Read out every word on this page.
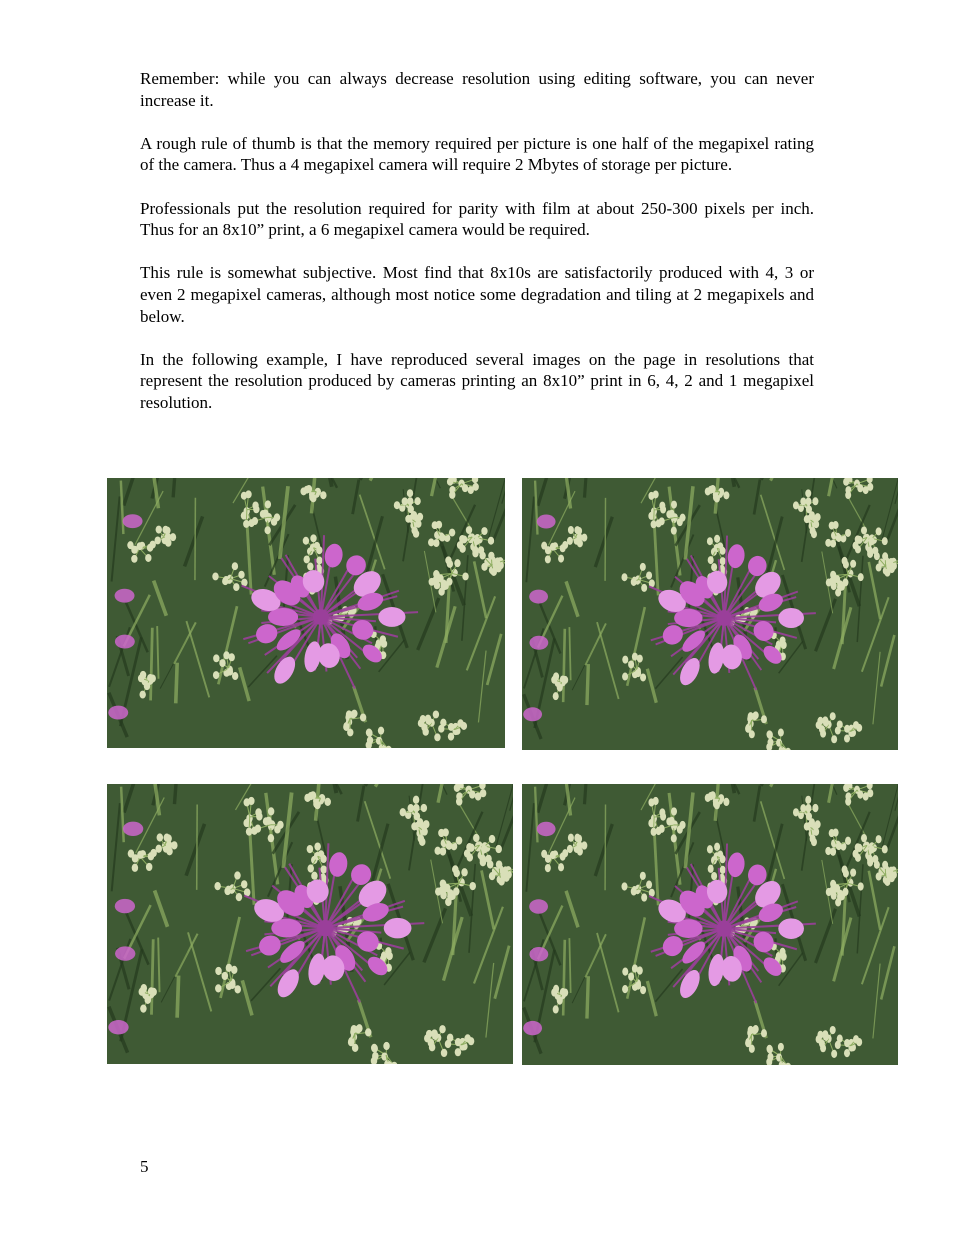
Remember: while you can always decrease resolution using editing software, you can never increase it.

A rough rule of thumb is that the memory required per picture is one half of the megapixel rating of the camera. Thus a 4 megapixel camera will require 2 Mbytes of storage per picture.

Professionals put the resolution required for parity with film at about 250-300 pixels per inch. Thus for an 8x10” print, a 6 megapixel camera would be required.

This rule is somewhat subjective. Most find that 8x10s are satisfactorily produced with 4, 3 or even 2 megapixel cameras, although most notice some degradation and tiling at 2 megapixels and below.

In the following example, I have reproduced several images on the page in resolutions that represent the resolution produced by cameras printing an 8x10” print in 6, 4, 2 and 1 megapixel resolution.

5
